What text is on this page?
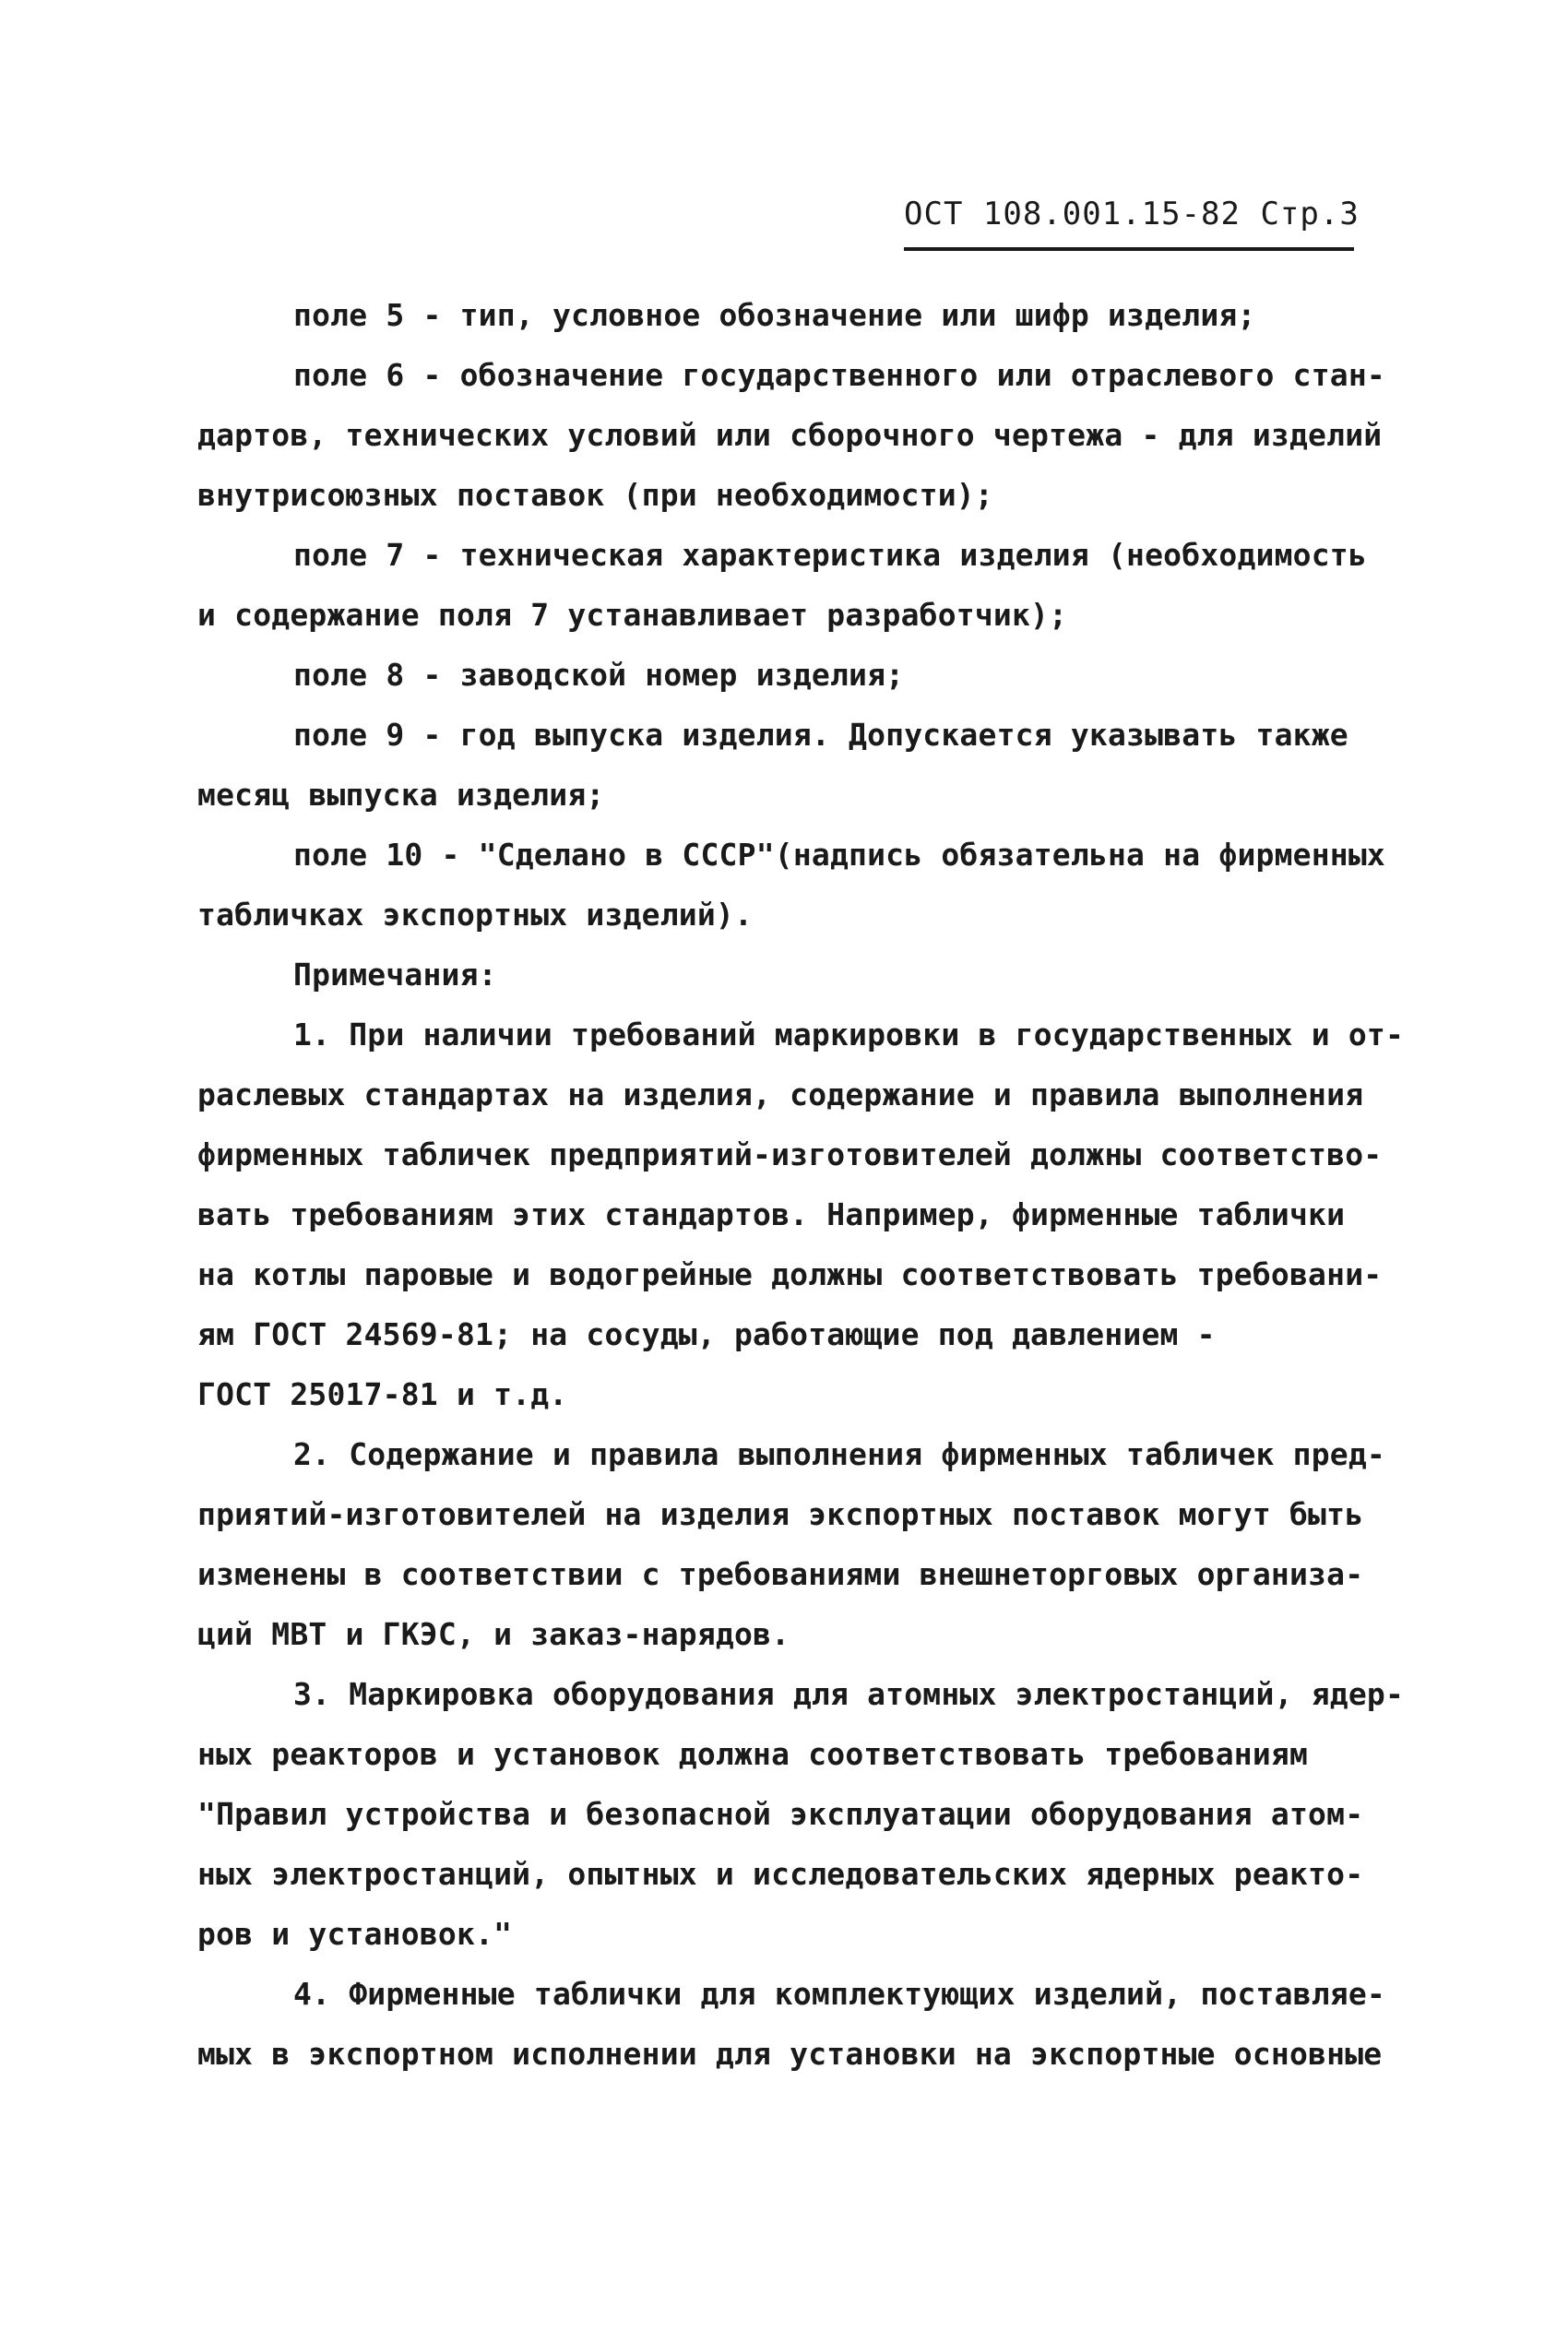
ОСТ 108.001.15-82 Стр.3
поле 5 - тип, условное обозначение или шифр изделия;
поле 6 - обозначение государственного или отраслевого стан-
дартов, технических условий или сборочного чертежа - для изделий
внутрисоюзных поставок (при необходимости);
поле 7 - техническая характеристика изделия (необходимость
и содержание поля 7 устанавливает разработчик);
поле 8 - заводской номер изделия;
поле 9 - год выпуска изделия. Допускается указывать также
месяц выпуска изделия;
поле 10 - "Сделано в СССР"(надпись обязательна на фирменных
табличках экспортных изделий).
Примечания:
1. При наличии требований маркировки в государственных и от-
раслевых стандартах на изделия, содержание и правила выполнения
фирменных табличек предприятий-изготовителей должны соответство-
вать требованиям этих стандартов. Например, фирменные таблички
на котлы паровые и водогрейные должны соответствовать требовани-
ям ГОСТ 24569-81; на сосуды, работающие под давлением -
ГОСТ 25017-81 и т.д.
2. Содержание и правила выполнения фирменных табличек пред-
приятий-изготовителей на изделия экспортных поставок могут быть
изменены в соответствии с требованиями внешнеторговых организа-
ций МВТ и ГКЭС, и заказ-нарядов.
3. Маркировка оборудования для атомных электростанций, ядер-
ных реакторов и установок должна соответствовать требованиям
"Правил устройства и безопасной эксплуатации оборудования атом-
ных электростанций, опытных и исследовательских ядерных реакто-
ров и установок."
4. Фирменные таблички для комплектующих изделий, поставляе-
мых в экспортном исполнении для установки на экспортные основные
